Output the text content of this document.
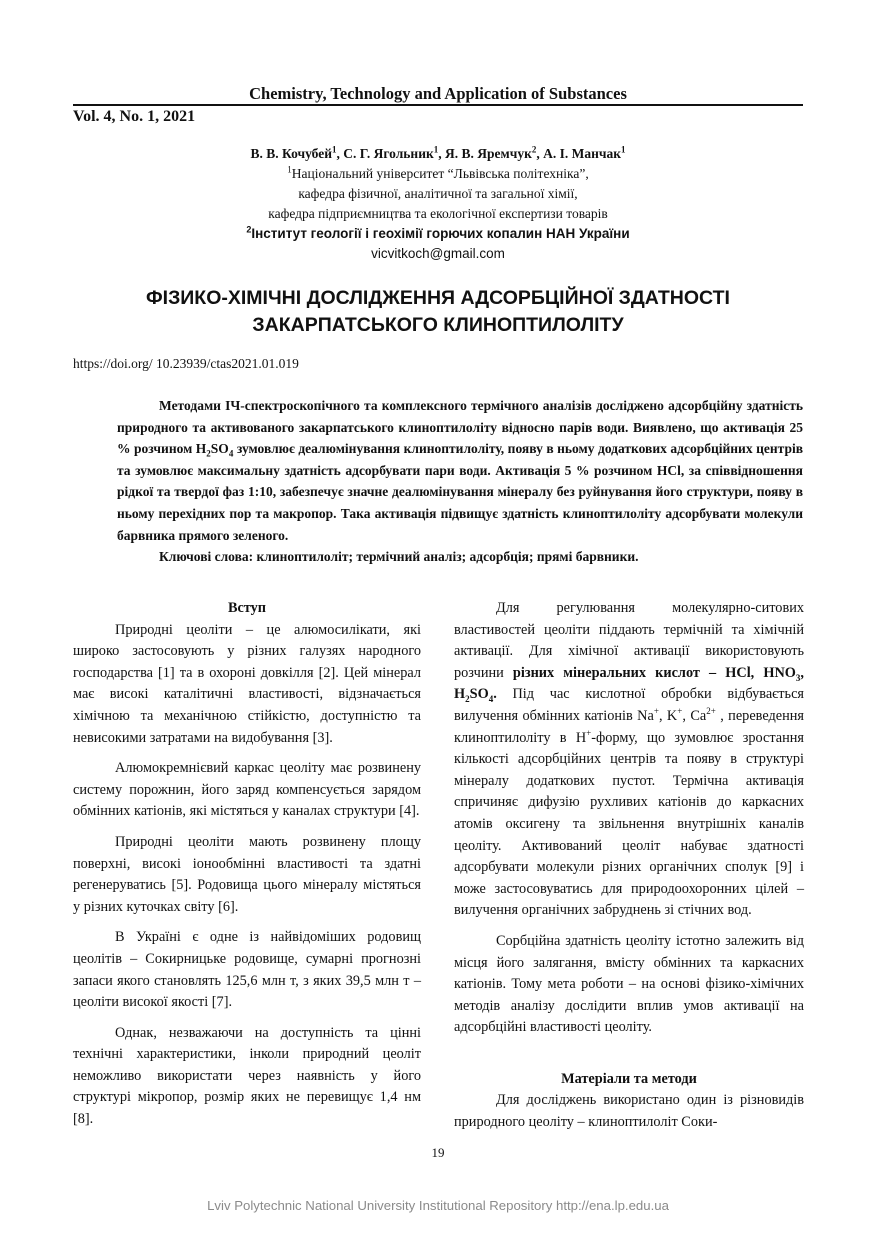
Chemistry, Technology and Application of Substances
Vol. 4, No. 1, 2021
В. В. Кочубей$^1$, С. Г. Ягольник$^1$, Я. В. Яремчук$^2$, А. І. Манчак$^1$
$^1$Національний університет “Львівська політехніка”,
кафедра фізичної, аналітичної та загальної хімії,
кафедра підприємництва та екологічної експертизи товарів
$^2$Інститут геології і геохімії горючих копалин НАН України
vicvitkoch@gmail.com
ФІЗИКО-ХІМІЧНІ ДОСЛІДЖЕННЯ АДСОРБЦІЙНОЇ ЗДАТНОСТІ
ЗАКАРПАТСЬКОГО КЛИНОПТИЛОЛІТУ
https://doi.org/ 10.23939/ctas2021.01.019

Методами ІЧ-спектроскопічного та комплексного термічного аналізів досліджено адсорбційну здатність природного та активованого закарпатського клиноптилоліту відносно парів води. Виявлено, що активація 25 % розчином $H_2SO_4$ зумовлює деалюмінування клиноптилоліту, появу в ньому додаткових адсорбційних центрів та зумовлює максимальну здатність адсорбувати пари води. Активація 5 % розчином HCl, за співвідношення рідкої та твердої фаз 1:10, забезпечує значне деалюмінування мінералу без руйнування його структури, появу в ньому перехідних пор та макропор. Така активація підвищує здатність клиноптилоліту адсорбувати молекули барвника прямого зеленого.

Ключові слова: клиноптилоліт; термічний аналіз; адсорбція; прямі барвники.

Вступ

Природні цеоліти – це алюмосилікати, які широко застосовують у різних галузях народного господарства [1] та в охороні довкілля [2]. Цей мінерал має високі каталітичні властивості, відзначається хімічною та механічною стійкістю, доступністю та невисокими затратами на видобування [3].

Алюмокремнієвий каркас цеоліту має розвинену систему порожнин, його заряд компенсується зарядом обмінних катіонів, які містяться у каналах структури [4].

Природні цеоліти мають розвинену площу поверхні, високі іонообмінні властивості та здатні регенеруватись [5]. Родовища цього мінералу містяться у різних куточках світу [6].

В Україні є одне із найвідоміших родовищ цеолітів – Сокирницьке родовище, сумарні прогнозні запаси якого становлять 125,6 млн т, з яких 39,5 млн т – цеоліти високої якості [7].

Однак, незважаючи на доступність та цінні технічні характеристики, інколи природний цеоліт неможливо використати через наявність у його структурі мікропор, розмір яких не перевищує 1,4 нм [8].

Для регулювання молекулярно-ситових властивостей цеоліти піддають термічній та хімічній активації. Для хімічної активації використовують розчини різних мінеральних кислот – HCl, $HNO_3$, $H_2SO_4$. Під час кислотної обробки відбувається вилучення обмінних катіонів Na+, K+, $Ca^{2+}$ , переведення клиноптилоліту в H+-форму, що зумовлює зростання кількості адсорбційних центрів та появу в структурі мінералу додаткових пустот. Термічна активація спричиняє дифузію рухливих катіонів до каркасних атомів оксигену та звільнення внутрішніх каналів цеоліту. Активований цеоліт набуває здатності адсорбувати молекули різних органічних сполук [9] і може застосовуватись для природоохоронних цілей – вилучення органічних забруднень зі стічних вод.

Сорбційна здатність цеоліту істотно залежить від місця його залягання, вмісту обмінних та каркасних катіонів. Тому мета роботи – на основі фізико-хімічних методів аналізу дослідити вплив умов активації на адсорбційні властивості цеоліту.

Матеріали та методи

Для досліджень використано один із різновидів природного цеоліту – клиноптилоліт Соки-

19
Lviv Polytechnic National University Institutional Repository http://ena.lp.edu.ua
